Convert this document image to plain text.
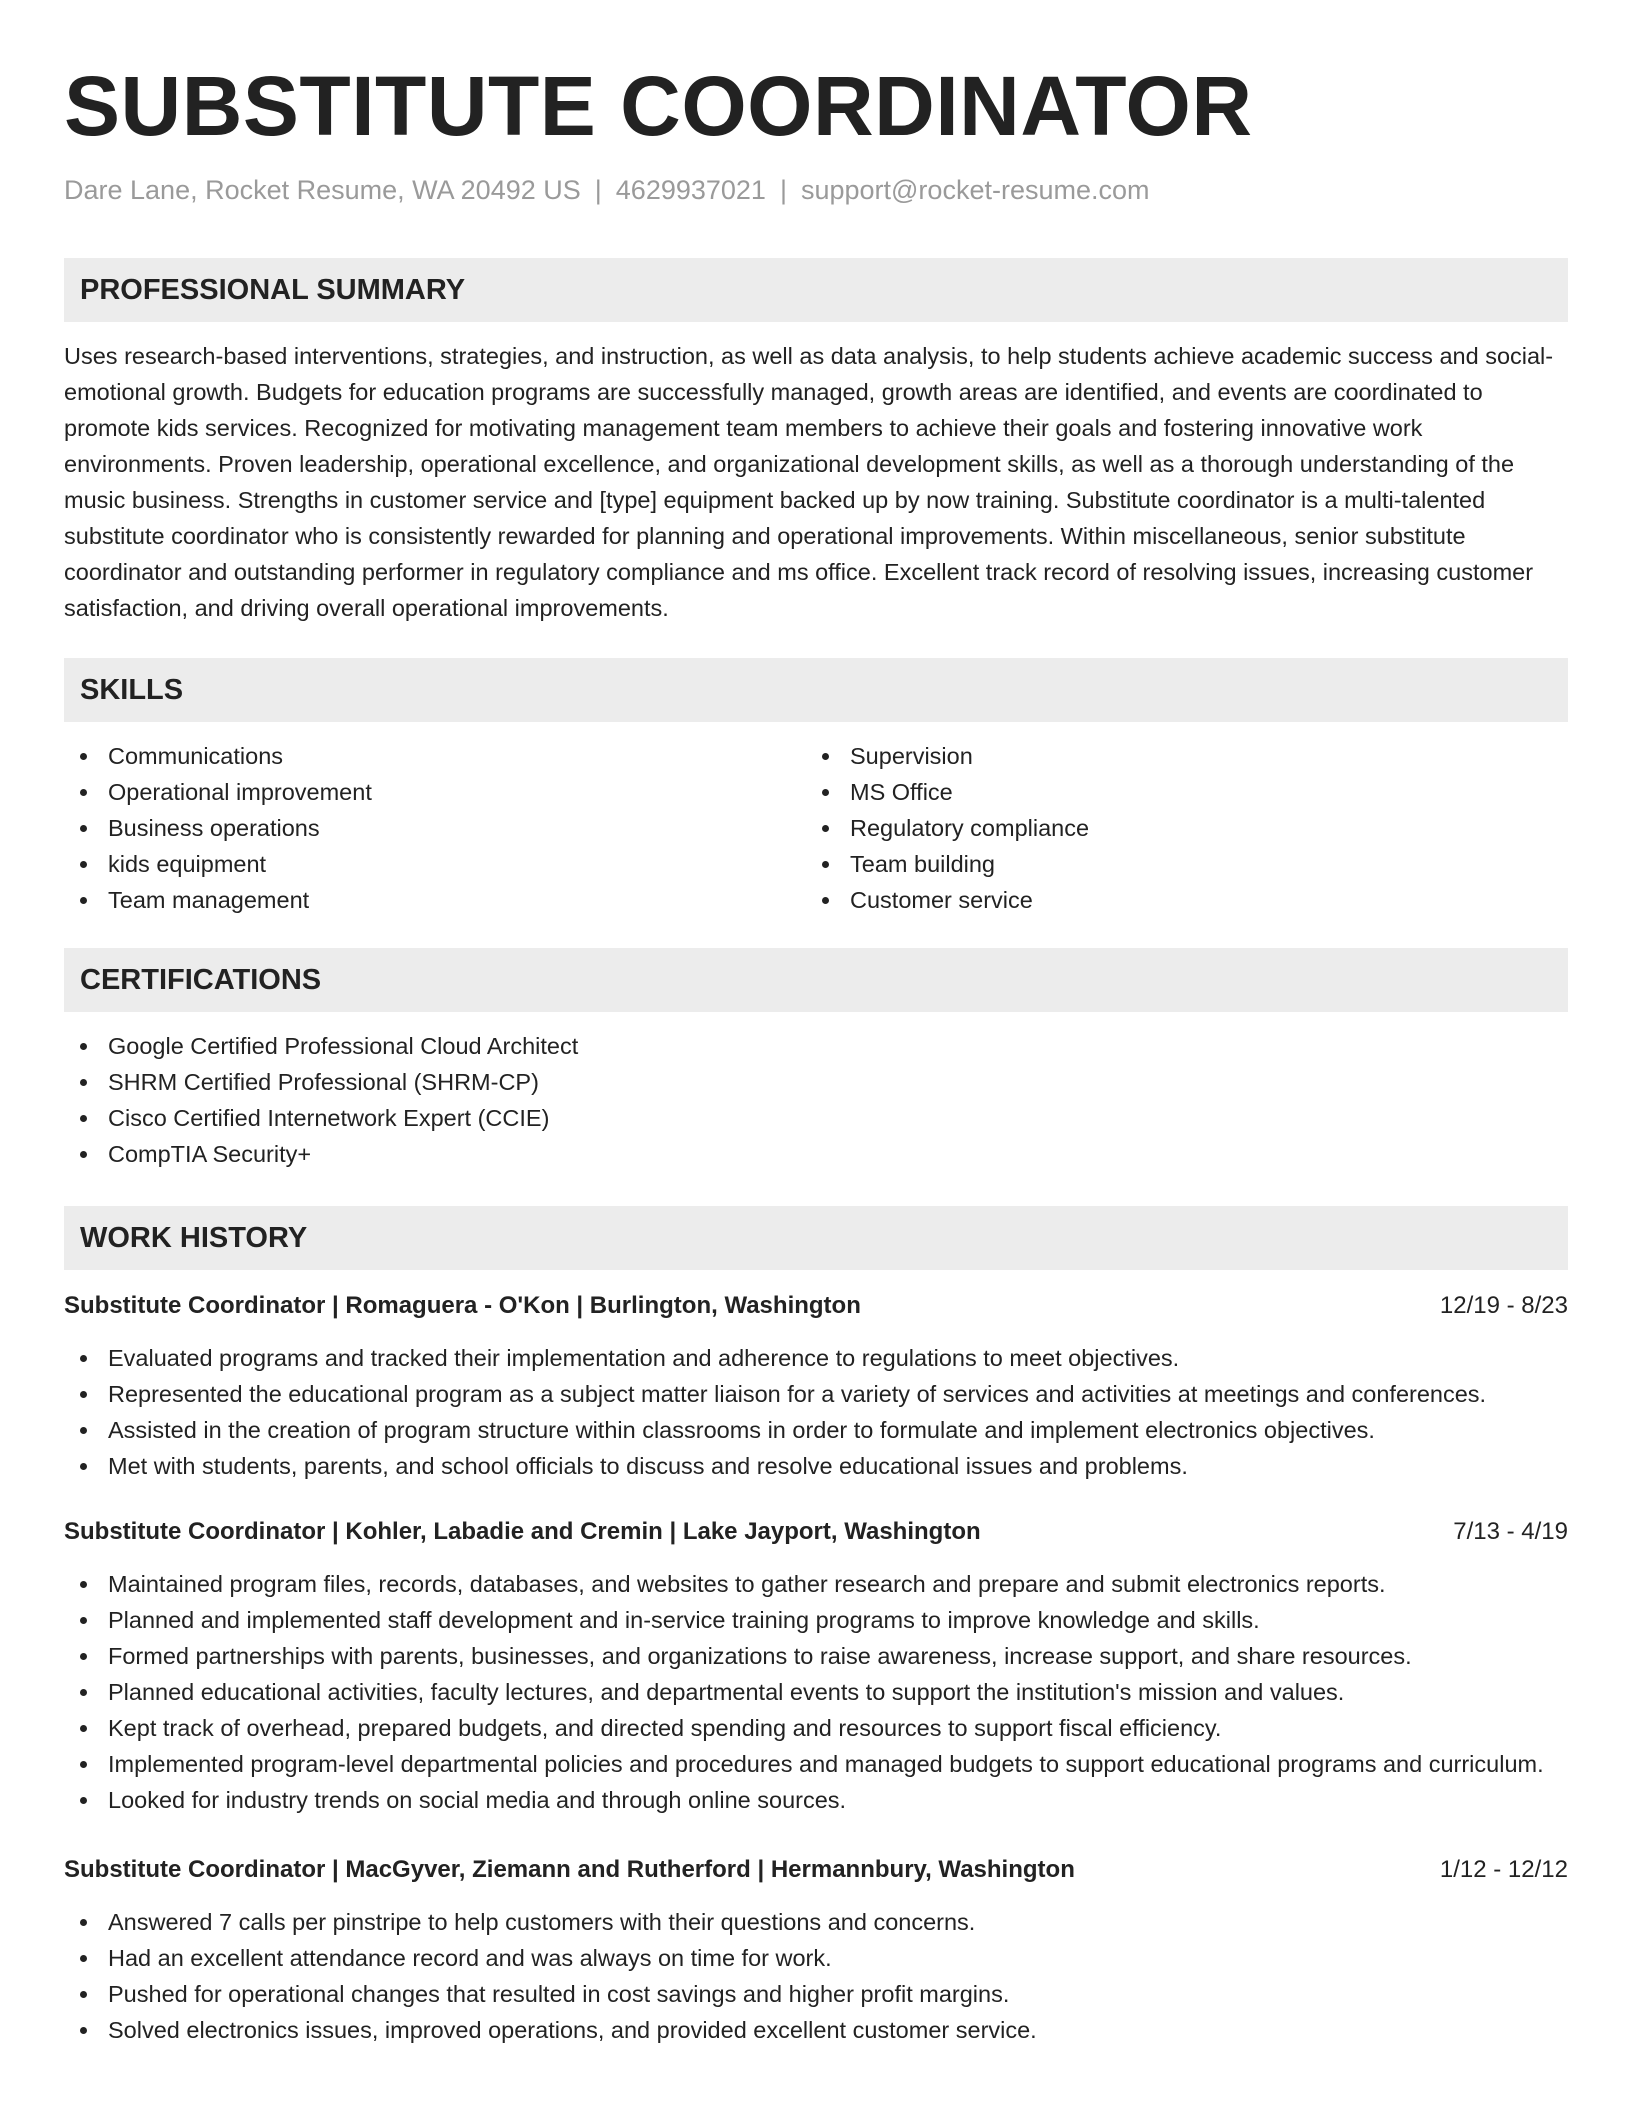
SUBSTITUTE COORDINATOR
Dare Lane, Rocket Resume, WA 20492 US | 4629937021 | support@rocket-resume.com
PROFESSIONAL SUMMARY

Uses research-based interventions, strategies, and instruction, as well as data analysis, to help students achieve academic success and social-emotional growth. Budgets for education programs are successfully managed, growth areas are identified, and events are coordinated to promote kids services. Recognized for motivating management team members to achieve their goals and fostering innovative work environments. Proven leadership, operational excellence, and organizational development skills, as well as a thorough understanding of the music business. Strengths in customer service and [type] equipment backed up by now training. Substitute coordinator is a multi-talented substitute coordinator who is consistently rewarded for planning and operational improvements. Within miscellaneous, senior substitute coordinator and outstanding performer in regulatory compliance and ms office. Excellent track record of resolving issues, increasing customer satisfaction, and driving overall operational improvements.

SKILLS
Communications
Operational improvement
Business operations
kids equipment
Team management
Supervision
MS Office
Regulatory compliance
Team building
Customer service
CERTIFICATIONS
Google Certified Professional Cloud Architect
SHRM Certified Professional (SHRM-CP)
Cisco Certified Internetwork Expert (CCIE)
CompTIA Security+
WORK HISTORY
Substitute Coordinator | Romaguera - O'Kon | Burlington, Washington	12/19 - 8/23
Evaluated programs and tracked their implementation and adherence to regulations to meet objectives.
Represented the educational program as a subject matter liaison for a variety of services and activities at meetings and conferences.
Assisted in the creation of program structure within classrooms in order to formulate and implement electronics objectives.
Met with students, parents, and school officials to discuss and resolve educational issues and problems.
Substitute Coordinator | Kohler, Labadie and Cremin | Lake Jayport, Washington	7/13 - 4/19
Maintained program files, records, databases, and websites to gather research and prepare and submit electronics reports.
Planned and implemented staff development and in-service training programs to improve knowledge and skills.
Formed partnerships with parents, businesses, and organizations to raise awareness, increase support, and share resources.
Planned educational activities, faculty lectures, and departmental events to support the institution's mission and values.
Kept track of overhead, prepared budgets, and directed spending and resources to support fiscal efficiency.
Implemented program-level departmental policies and procedures and managed budgets to support educational programs and curriculum.
Looked for industry trends on social media and through online sources.
Substitute Coordinator | MacGyver, Ziemann and Rutherford | Hermannbury, Washington	1/12 - 12/12
Answered 7 calls per pinstripe to help customers with their questions and concerns.
Had an excellent attendance record and was always on time for work.
Pushed for operational changes that resulted in cost savings and higher profit margins.
Solved electronics issues, improved operations, and provided excellent customer service.
